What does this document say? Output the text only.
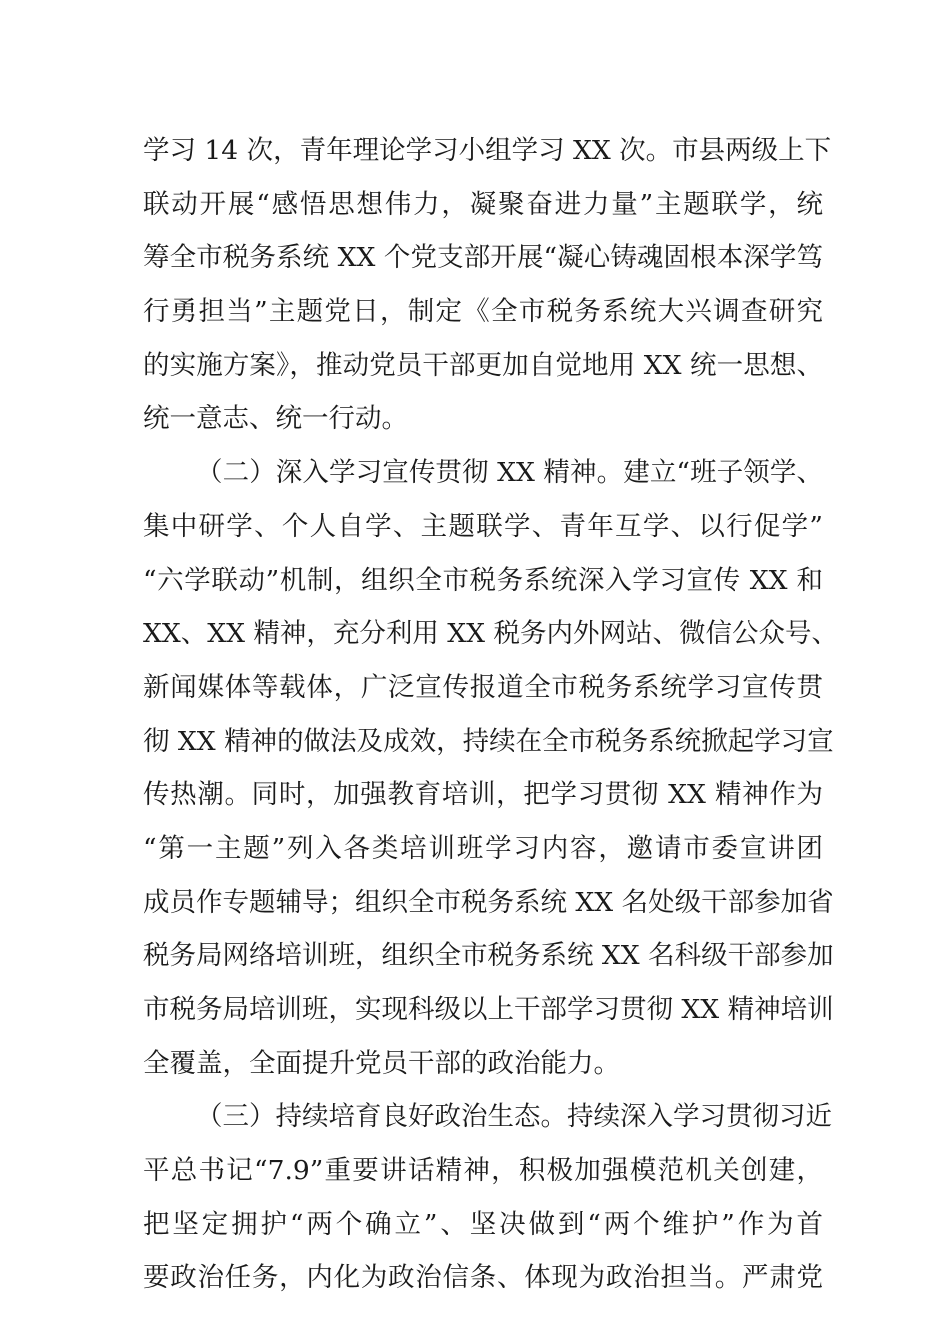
学习 14 次，青年理论学习小组学习 XX 次。市县两级上下
联动开展“感悟思想伟力，凝聚奋进力量”主题联学，统
筹全市税务系统 XX 个党支部开展“凝心铸魂固根本深学笃
行勇担当”主题党日，制定《全市税务系统大兴调查研究
的实施方案》，推动党员干部更加自觉地用 XX 统一思想、
统一意志、统一行动。
（二）深入学习宣传贯彻 XX 精神。建立“班子领学、
集中研学、个人自学、主题联学、青年互学、以行促学”
“六学联动”机制，组织全市税务系统深入学习宣传 XX 和
XX、XX 精神，充分利用 XX 税务内外网站、微信公众号、
新闻媒体等载体，广泛宣传报道全市税务系统学习宣传贯
彻 XX 精神的做法及成效，持续在全市税务系统掀起学习宣
传热潮。同时，加强教育培训，把学习贯彻 XX 精神作为
“第一主题”列入各类培训班学习内容，邀请市委宣讲团
成员作专题辅导；组织全市税务系统 XX 名处级干部参加省
税务局网络培训班，组织全市税务系统 XX 名科级干部参加
市税务局培训班，实现科级以上干部学习贯彻 XX 精神培训
全覆盖，全面提升党员干部的政治能力。
（三）持续培育良好政治生态。持续深入学习贯彻习近
平总书记“7.9”重要讲话精神，积极加强模范机关创建，
把坚定拥护“两个确立”、坚决做到“两个维护”作为首
要政治任务，内化为政治信条、体现为政治担当。严肃党
